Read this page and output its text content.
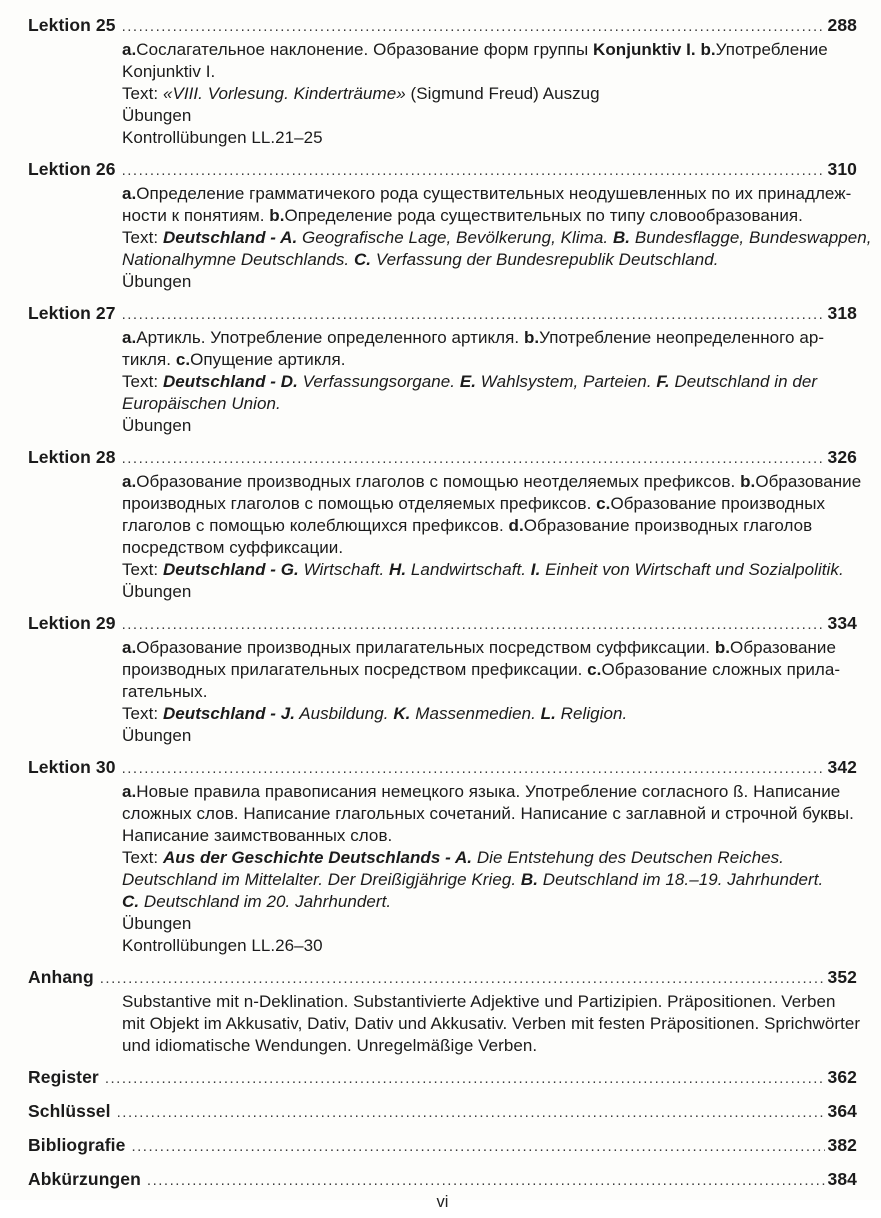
Lektion 25 .....	288
a.Сослагательное наклонение. Образование форм группы Konjunktiv I. b.Употребление
Konjunktiv I.
Text: «VIII. Vorlesung. Kinderträume» (Sigmund Freud) Auszug
Übungen
Kontrollübungen LL.21–25
Lektion 26 .....	310
a.Определение грамматичекого рода существительных неодушевленных по их принадлеж-
ности к понятиям. b.Определение рода существительных по типу словообразования.
Text: Deutschland - A. Geografische Lage, Bevölkerung, Klima. B. Bundesflagge, Bundeswappen,
Nationalhymne Deutschlands. C. Verfassung der Bundesrepublik Deutschland.
Übungen
Lektion 27 .....	318
a.Артикль. Употребление определенного артикля. b.Употребление неопределенного ар-
тикля. c.Опущение артикля.
Text: Deutschland - D. Verfassungsorgane. E. Wahlsystem, Parteien. F. Deutschland in der
Europäischen Union.
Übungen
Lektion 28 .....	326
a.Образование производных глаголов с помощью неотделяемых префиксов. b.Образование
производных глаголов с помощью отделяемых префиксов. c.Образование производных
глаголов с помощью колеблющихся префиксов. d.Образование производных глаголов
посредством суффиксации.
Text: Deutschland - G. Wirtschaft. H. Landwirtschaft. I. Einheit von Wirtschaft und Sozialpolitik.
Übungen
Lektion 29 .....	334
a.Образование производных прилагательных посредством суффиксации. b.Образование
производных прилагательных посредством префиксации. c.Образование сложных прила-
гательных.
Text: Deutschland - J. Ausbildung. K. Massenmedien. L. Religion.
Übungen
Lektion 30 .....	342
a.Новые правила правописания немецкого языка. Употребление согласного ß. Написание
сложных слов. Написание глагольных сочетаний. Написание с заглавной и строчной буквы.
Написание заимствованных слов.
Text: Aus der Geschichte Deutschlands - A. Die Entstehung des Deutschen Reiches.
Deutschland im Mittelalter. Der Dreißigjährige Krieg. B. Deutschland im 18.–19. Jahrhundert.
C. Deutschland im 20. Jahrhundert.
Übungen
Kontrollübungen LL.26–30
Anhang .....	352
Substantive mit n-Deklination. Substantivierte Adjektive und Partizipien. Präpositionen. Verben
mit Objekt im Akkusativ, Dativ, Dativ und Akkusativ. Verben mit festen Präpositionen. Sprichwörter
und idiomatische Wendungen. Unregelmäßige Verben.
Register .....	362
Schlüssel .....	364
Bibliografie .....	382
Abkürzungen .....	384
vi
